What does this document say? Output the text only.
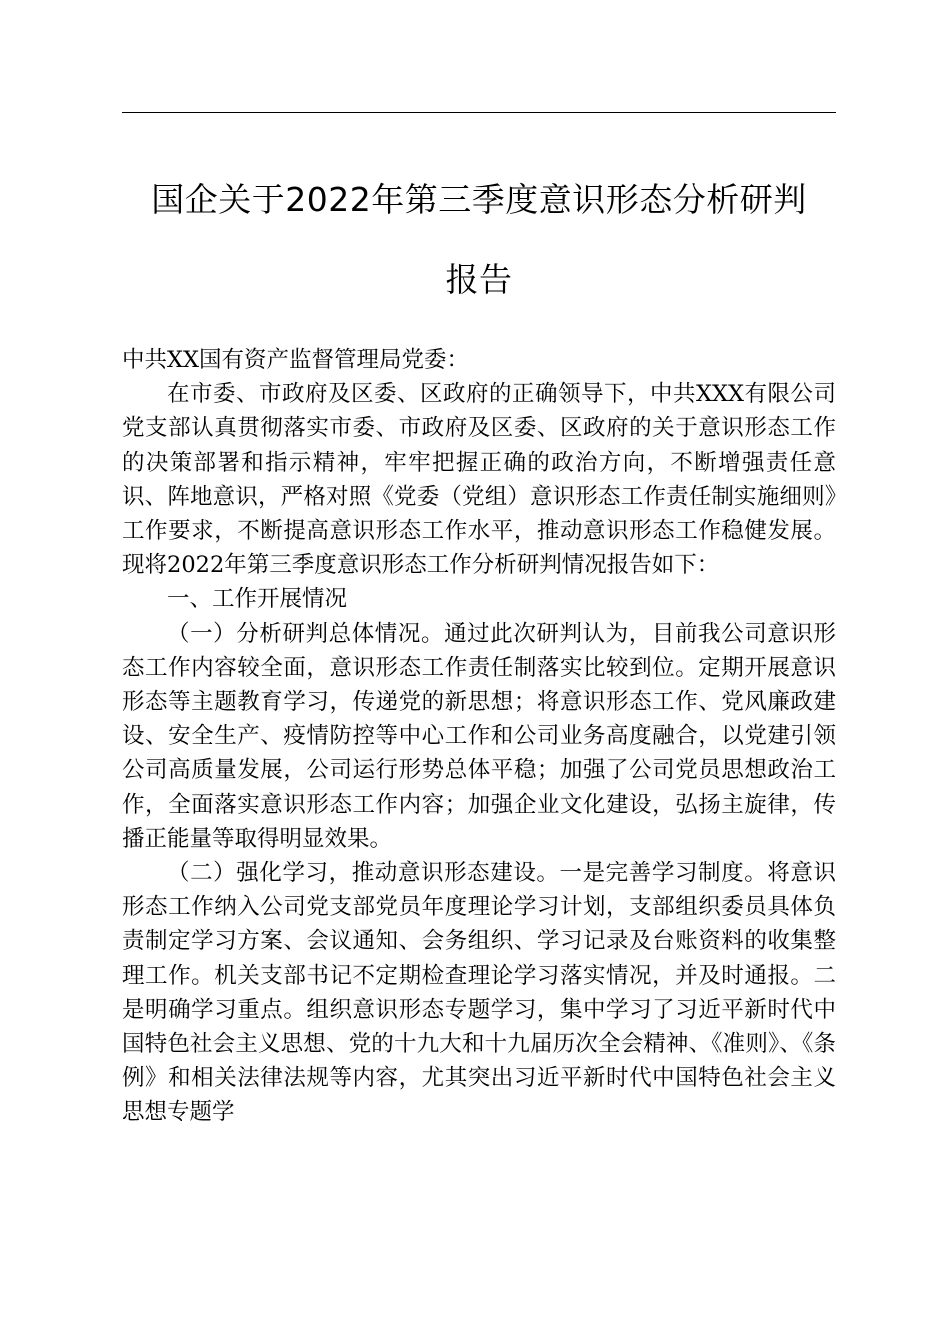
国企关于2022年第三季度意识形态分析研判
报告

中共XX国有资产监督管理局党委：

在市委、市政府及区委、区政府的正确领导下，中共XXX有限公司党支部认真贯彻落实市委、市政府及区委、区政府的关于意识形态工作的决策部署和指示精神，牢牢把握正确的政治方向，不断增强责任意识、阵地意识，严格对照《党委（党组）意识形态工作责任制实施细则》工作要求，不断提高意识形态工作水平，推动意识形态工作稳健发展。现将2022年第三季度意识形态工作分析研判情况报告如下：

一、工作开展情况

（一）分析研判总体情况。通过此次研判认为，目前我公司意识形态工作内容较全面，意识形态工作责任制落实比较到位。定期开展意识形态等主题教育学习，传递党的新思想；将意识形态工作、党风廉政建设、安全生产、疫情防控等中心工作和公司业务高度融合，以党建引领公司高质量发展，公司运行形势总体平稳；加强了公司党员思想政治工作，全面落实意识形态工作内容；加强企业文化建设，弘扬主旋律，传播正能量等取得明显效果。

（二）强化学习，推动意识形态建设。一是完善学习制度。将意识形态工作纳入公司党支部党员年度理论学习计划，支部组织委员具体负责制定学习方案、会议通知、会务组织、学习记录及台账资料的收集整理工作。机关支部书记不定期检查理论学习落实情况，并及时通报。二是明确学习重点。组织意识形态专题学习，集中学习了习近平新时代中国特色社会主义思想、党的十九大和十九届历次全会精神、《准则》、《条例》和相关法律法规等内容，尤其突出习近平新时代中国特色社会主义思想专题学
